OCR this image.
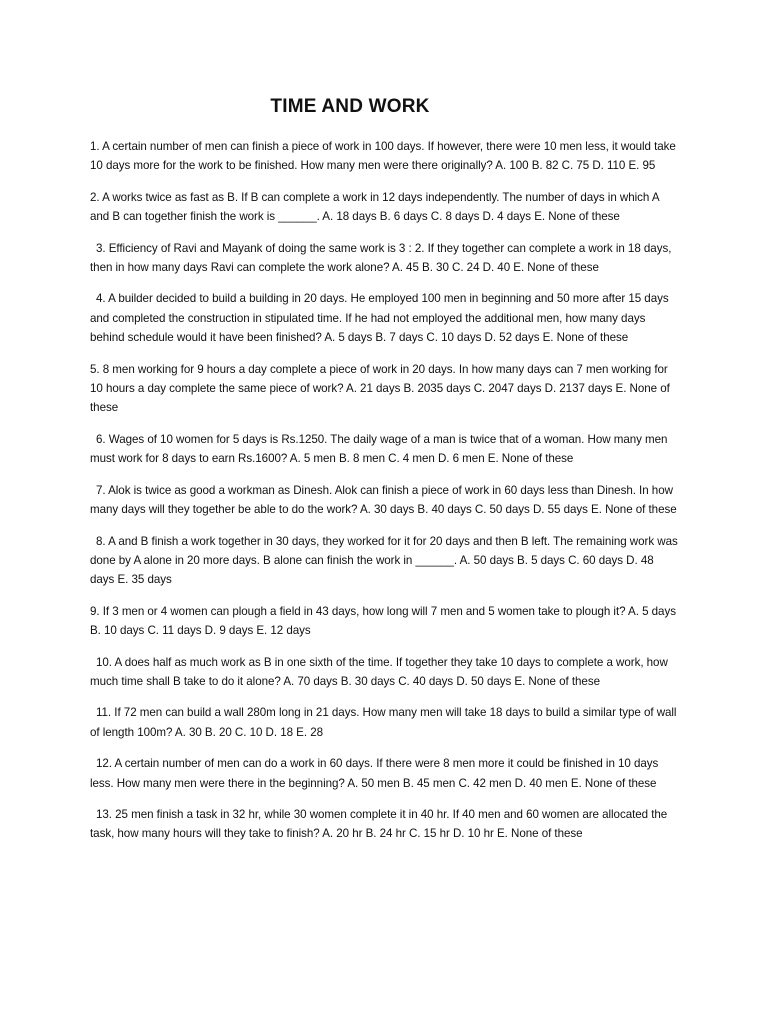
TIME AND WORK
1. A certain number of men can finish a piece of work in 100 days. If however, there were 10 men less, it would take 10 days more for the work to be finished. How many men were there originally? A. 100 B. 82 C. 75 D. 110 E. 95
2. A works twice as fast as B. If B can complete a work in 12 days independently. The number of days in which A and B can together finish the work is ______. A. 18 days B. 6 days C. 8 days D. 4 days E. None of these
3. Efficiency of Ravi and Mayank of doing the same work is 3 : 2. If they together can complete a work in 18 days, then in how many days Ravi can complete the work alone? A. 45 B. 30 C. 24 D. 40 E. None of these
4. A builder decided to build a building in 20 days. He employed 100 men in beginning and 50 more after 15 days and completed the construction in stipulated time. If he had not employed the additional men, how many days behind schedule would it have been finished? A. 5 days B. 7 days C. 10 days D. 52 days E. None of these
5. 8 men working for 9 hours a day complete a piece of work in 20 days. In how many days can 7 men working for 10 hours a day complete the same piece of work? A. 21 days B. 2035 days C. 2047 days D. 2137 days E. None of these
6. Wages of 10 women for 5 days is Rs.1250. The daily wage of a man is twice that of a woman. How many men must work for 8 days to earn Rs.1600? A. 5 men B. 8 men C. 4 men D. 6 men E. None of these
7. Alok is twice as good a workman as Dinesh. Alok can finish a piece of work in 60 days less than Dinesh. In how many days will they together be able to do the work? A. 30 days B. 40 days C. 50 days D. 55 days E. None of these
8. A and B finish a work together in 30 days, they worked for it for 20 days and then B left. The remaining work was done by A alone in 20 more days. B alone can finish the work in ______. A. 50 days B. 5 days C. 60 days D. 48 days E. 35 days
9. If 3 men or 4 women can plough a field in 43 days, how long will 7 men and 5 women take to plough it? A. 5 days B. 10 days C. 11 days D. 9 days E. 12 days
10. A does half as much work as B in one sixth of the time. If together they take 10 days to complete a work, how much time shall B take to do it alone? A. 70 days B. 30 days C. 40 days D. 50 days E. None of these
11. If 72 men can build a wall 280m long in 21 days. How many men will take 18 days to build a similar type of wall of length 100m? A. 30 B. 20 C. 10 D. 18 E. 28
12. A certain number of men can do a work in 60 days. If there were 8 men more it could be finished in 10 days less. How many men were there in the beginning? A. 50 men B. 45 men C. 42 men D. 40 men E. None of these
13. 25 men finish a task in 32 hr, while 30 women complete it in 40 hr. If 40 men and 60 women are allocated the task, how many hours will they take to finish? A. 20 hr B. 24 hr C. 15 hr D. 10 hr E. None of these
